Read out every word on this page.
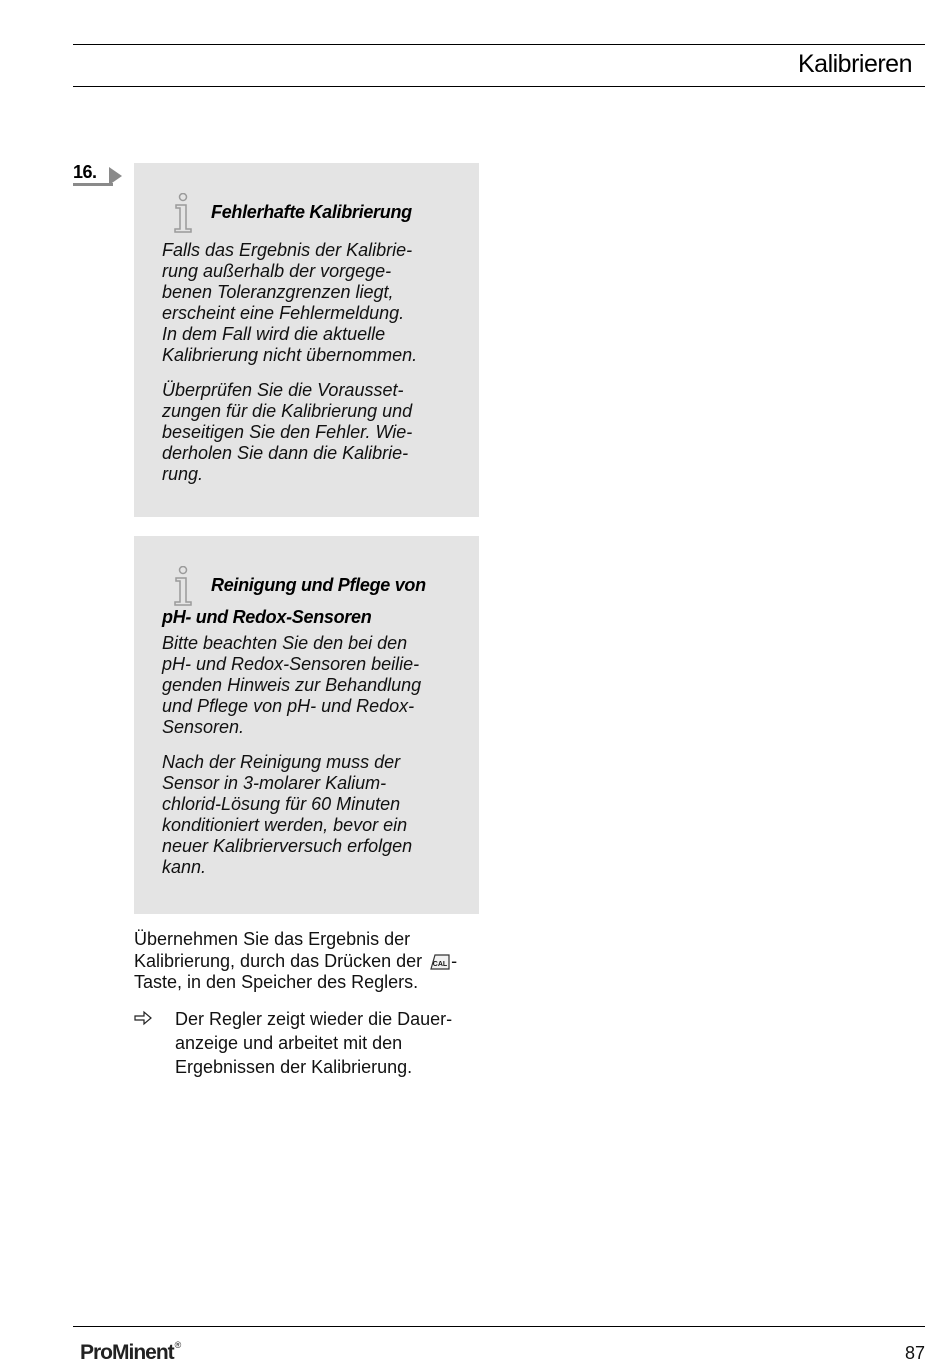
Kalibrieren
16.
Fehlerhafte Kalibrierung

Falls das Ergebnis der Kalibrie-
rung außerhalb der vorgege-
benen Toleranzgrenzen liegt,
erscheint eine Fehlermeldung.
In dem Fall wird die aktuelle
Kalibrierung nicht übernommen.

Überprüfen Sie die Vorausset-
zungen für die Kalibrierung und
beseitigen Sie den Fehler. Wie-
derholen Sie dann die Kalibrie-
rung.

Reinigung und Pflege von
pH- und Redox-Sensoren

Bitte beachten Sie den bei den
pH- und Redox-Sensoren beilie-
genden Hinweis zur Behandlung
und Pflege von pH- und Redox-
Sensoren.

Nach der Reinigung muss der
Sensor in 3-molarer Kalium-
chlorid-Lösung für 60 Minuten
konditioniert werden, bevor ein
neuer Kalibrierversuch erfolgen
kann.

Übernehmen Sie das Ergebnis der
Kalibrierung, durch das Drücken der CAL -
Taste, in den Speicher des Reglers.
Der Regler zeigt wieder die Dauer-
anzeige und arbeitet mit den
Ergebnissen der Kalibrierung.
ProMinent®	87
